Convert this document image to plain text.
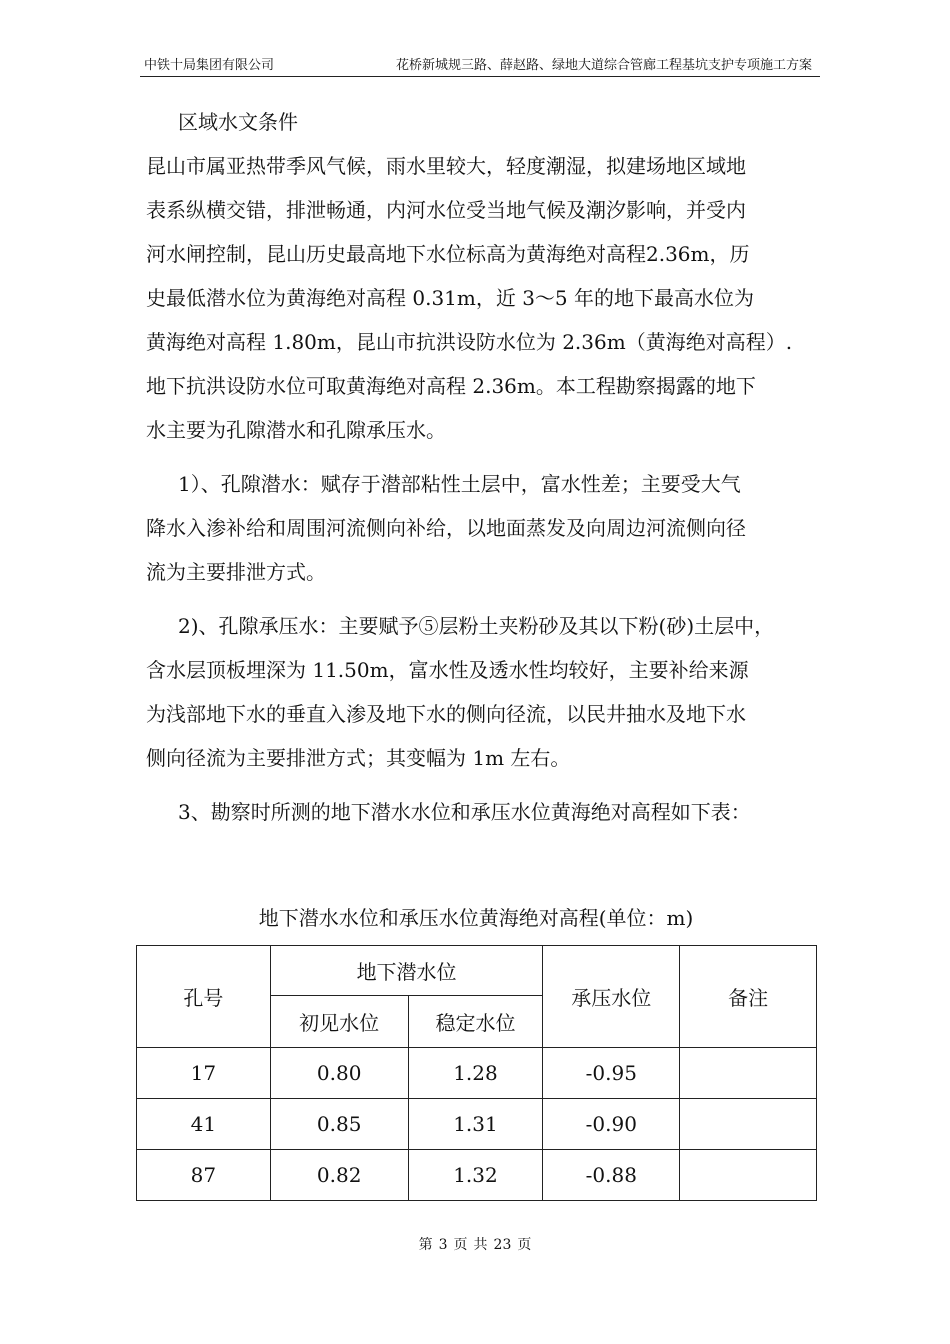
中铁十局集团有限公司	花桥新城规三路、薛赵路、绿地大道综合管廊工程基坑支护专项施工方案
区域水文条件
昆山市属亚热带季风气候，雨水里较大，轻度潮湿，拟建场地区域地
表系纵横交错，排泄畅通，内河水位受当地气候及潮汐影响，并受内
河水闸控制，昆山历史最高地下水位标高为黄海绝对高程2.36m，历
史最低潜水位为黄海绝对高程 0.31m，近 3～5 年的地下最高水位为
黄海绝对高程 1.80m，昆山市抗洪设防水位为 2.36m（黄海绝对高程）.
地下抗洪设防水位可取黄海绝对高程 2.36m。本工程勘察揭露的地下
水主要为孔隙潜水和孔隙承压水。
1）、孔隙潜水：赋存于潜部粘性土层中，富水性差；主要受大气
降水入渗补给和周围河流侧向补给，以地面蒸发及向周边河流侧向径
流为主要排泄方式。
2)、孔隙承压水：主要赋予⑤层粉土夹粉砂及其以下粉(砂)土层中，
含水层顶板埋深为 11.50m，富水性及透水性均较好，主要补给来源
为浅部地下水的垂直入渗及地下水的侧向径流，以民井抽水及地下水
侧向径流为主要排泄方式；其变幅为 1m 左右。
3、勘察时所测的地下潜水水位和承压水位黄海绝对高程如下表：
地下潜水水位和承压水位黄海绝对高程(单位：m)
孔号	地下潜水位		承压水位	备注
	初见水位	稳定水位		
17	0.80	1.28	-0.95	
41	0.85	1.31	-0.90	
87	0.82	1.32	-0.88	
第 3 页 共 23 页
